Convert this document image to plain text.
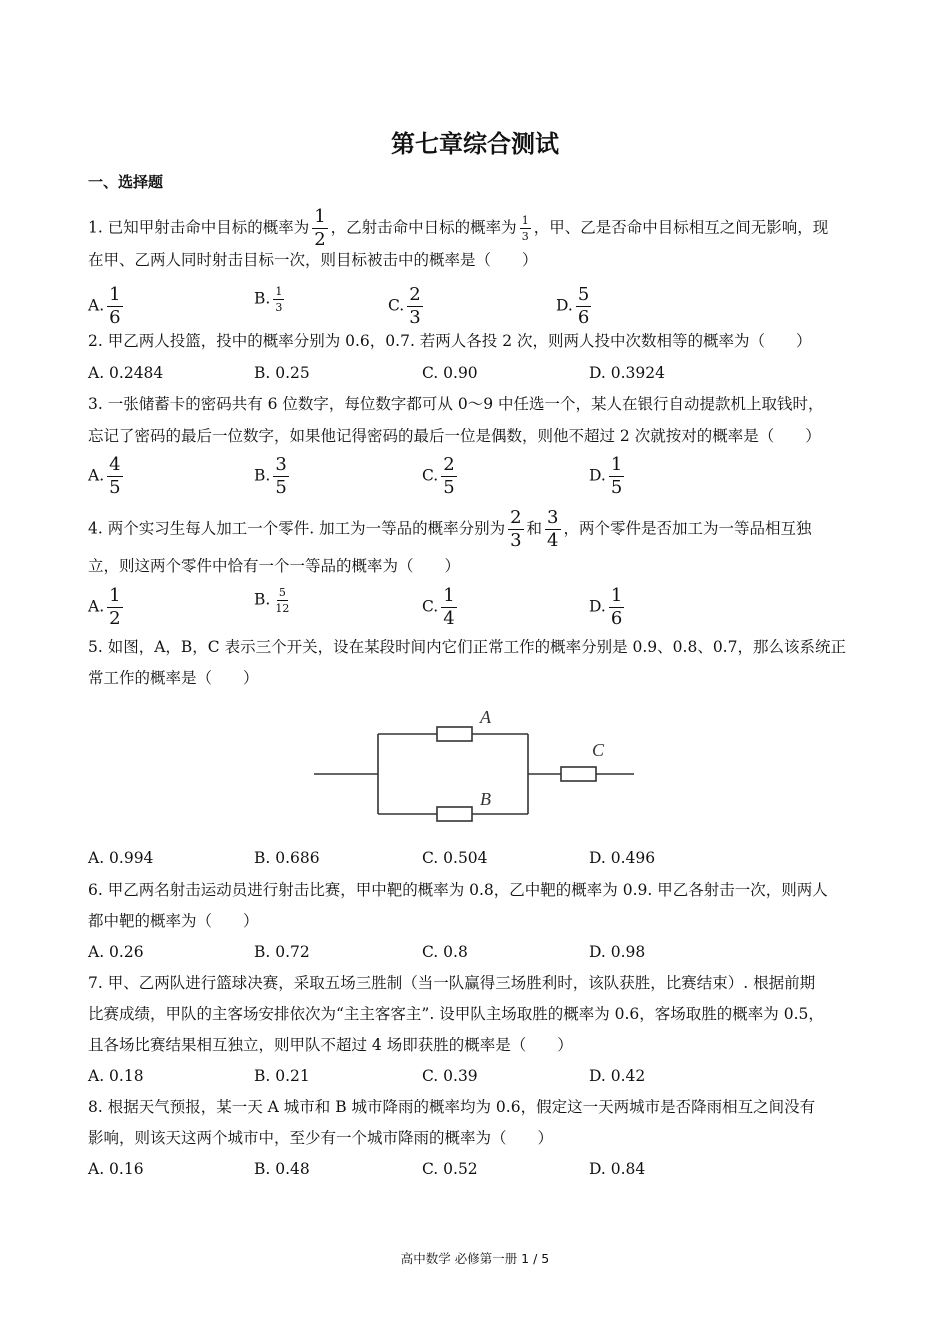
第七章综合测试
一、选择题
1. 已知甲射击命中目标的概率为 $\frac{1}{2}$ ，乙射击命中日标的概率为 $\frac{1}{3}$ ，甲、乙是否命中目标相互之间无影响，现
在甲、乙两人同时射击目标一次，则目标被击中的概率是（　　）
A. $\frac{1}{6}$	B. $\frac{1}{3}$	C. $\frac{2}{3}$	D. $\frac{5}{6}$
2. 甲乙两人投篮，投中的概率分别为 0.6，0.7. 若两人各投 2 次，则两人投中次数相等的概率为（　　）
A. 0.2484	B. 0.25	C. 0.90	D. 0.3924
3. 一张储蓄卡的密码共有 6 位数字，每位数字都可从 0～9 中任选一个，某人在银行自动提款机上取钱时，
忘记了密码的最后一位数字，如果他记得密码的最后一位是偶数，则他不超过 2 次就按对的概率是（　　）
A. $\frac{4}{5}$	B. $\frac{3}{5}$	C. $\frac{2}{5}$	D. $\frac{1}{5}$
4. 两个实习生每人加工一个零件. 加工为一等品的概率分别为 $\frac{2}{3}$ 和 $\frac{3}{4}$ ，两个零件是否加工为一等品相互独
立，则这两个零件中恰有一个一等品的概率为（　　）
A. $\frac{1}{2}$	B. $\frac{5}{12}$	C. $\frac{1}{4}$	D. $\frac{1}{6}$
5. 如图，A，B，C 表示三个开关，设在某段时间内它们正常工作的概率分别是 0.9、0.8、0.7，那么该系统正
常工作的概率是（　　）
A
B
C
A. 0.994	B. 0.686	C. 0.504	D. 0.496
6. 甲乙两名射击运动员进行射击比赛，甲中靶的概率为 0.8，乙中靶的概率为 0.9. 甲乙各射击一次，则两人
都中靶的概率为（　　）
A. 0.26	B. 0.72	C. 0.8	D. 0.98
7. 甲、乙两队进行篮球决赛，采取五场三胜制（当一队赢得三场胜利时，该队获胜，比赛结束）. 根据前期
比赛成绩，甲队的主客场安排依次为“主主客客主”. 设甲队主场取胜的概率为 0.6，客场取胜的概率为 0.5，
且各场比赛结果相互独立，则甲队不超过 4 场即获胜的概率是（　　）
A. 0.18	B. 0.21	C. 0.39	D. 0.42
8. 根据天气预报，某一天 A 城市和 B 城市降雨的概率均为 0.6，假定这一天两城市是否降雨相互之间没有
影响，则该天这两个城市中，至少有一个城市降雨的概率为（　　）
A. 0.16	B. 0.48	C. 0.52	D. 0.84
高中数学 必修第一册 1 / 5
